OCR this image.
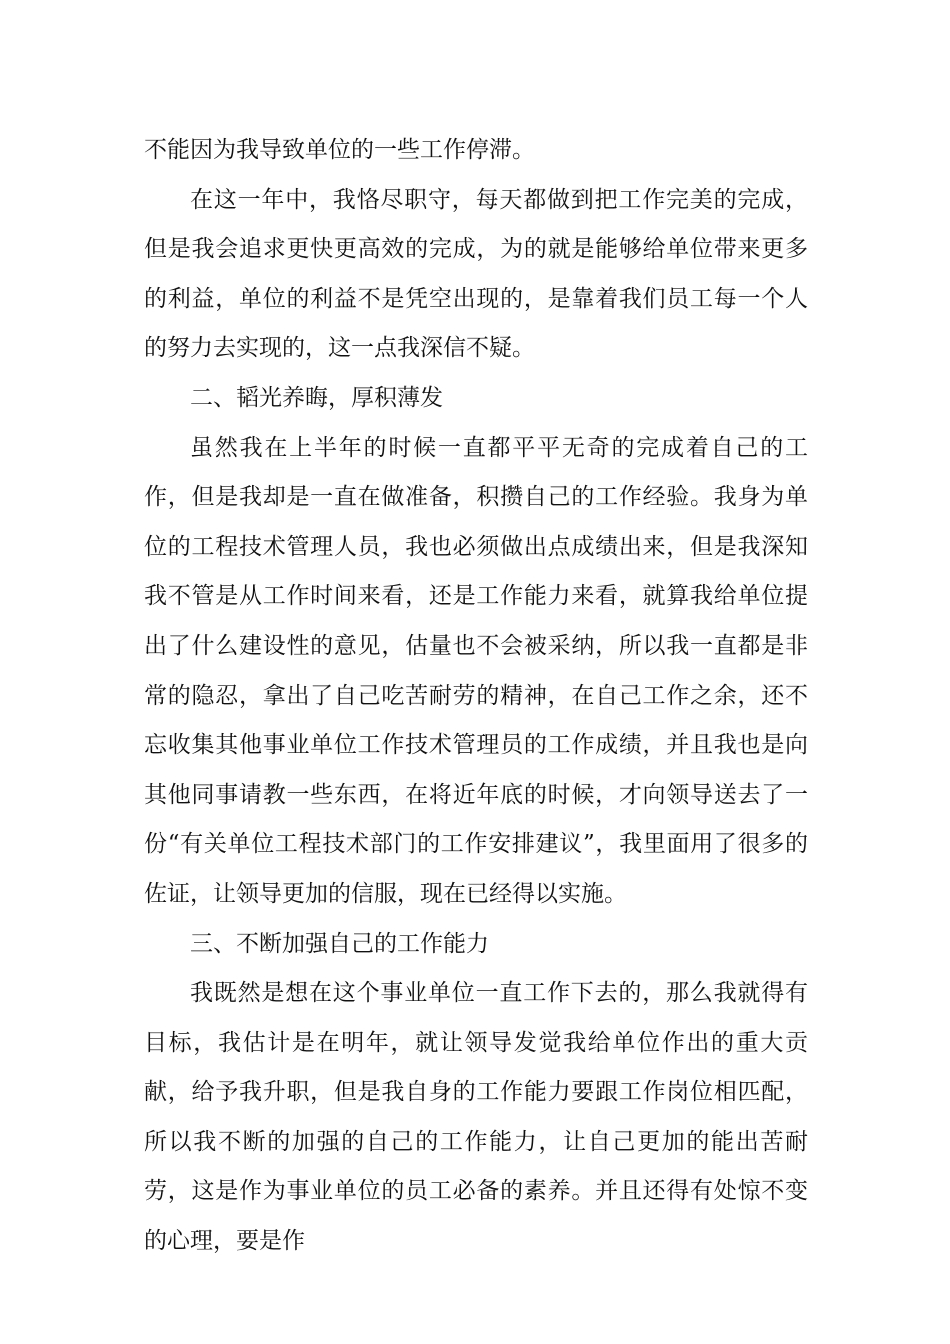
不能因为我导致单位的一些工作停滞。

在这一年中，我恪尽职守，每天都做到把工作完美的完成，但是我会追求更快更高效的完成，为的就是能够给单位带来更多的利益，单位的利益不是凭空出现的，是靠着我们员工每一个人的努力去实现的，这一点我深信不疑。

二、韬光养晦，厚积薄发

虽然我在上半年的时候一直都平平无奇的完成着自己的工作，但是我却是一直在做准备，积攒自己的工作经验。我身为单位的工程技术管理人员，我也必须做出点成绩出来，但是我深知我不管是从工作时间来看，还是工作能力来看，就算我给单位提出了什么建设性的意见，估量也不会被采纳，所以我一直都是非常的隐忍，拿出了自己吃苦耐劳的精神，在自己工作之余，还不忘收集其他事业单位工作技术管理员的工作成绩，并且我也是向其他同事请教一些东西，在将近年底的时候，才向领导送去了一份“有关单位工程技术部门的工作安排建议”，我里面用了很多的佐证，让领导更加的信服，现在已经得以实施。

三、不断加强自己的工作能力

我既然是想在这个事业单位一直工作下去的，那么我就得有目标，我估计是在明年，就让领导发觉我给单位作出的重大贡献，给予我升职，但是我自身的工作能力要跟工作岗位相匹配，所以我不断的加强的自己的工作能力，让自己更加的能出苦耐劳，这是作为事业单位的员工必备的素养。并且还得有处惊不变的心理，要是作
